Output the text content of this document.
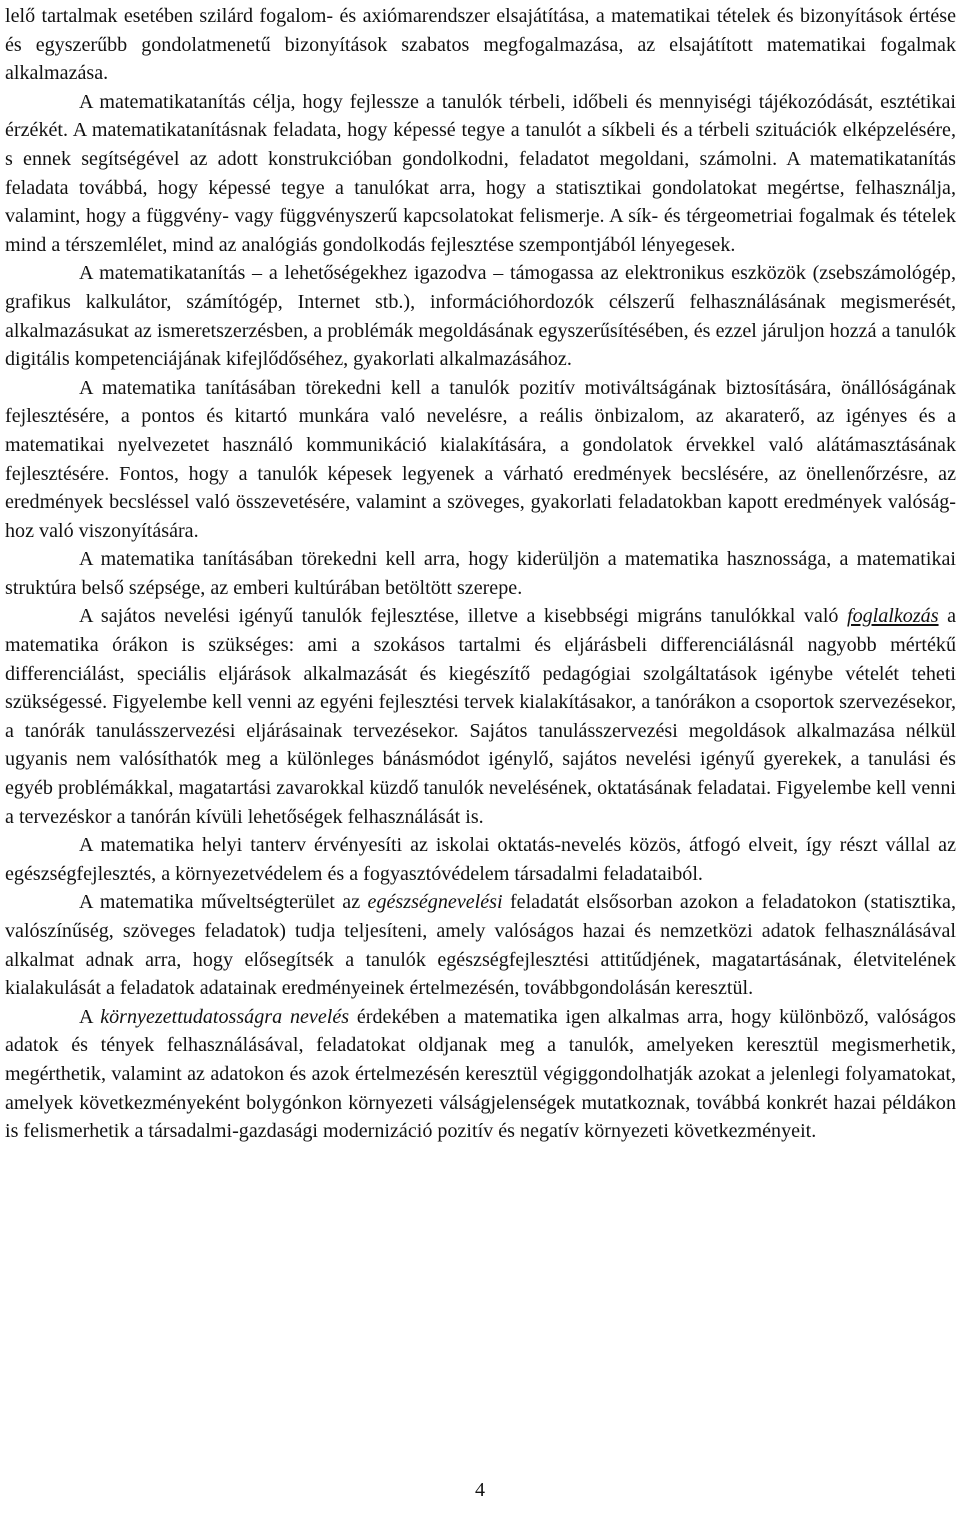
lelő tartalmak esetében szilárd fogalom- és axiómarendszer elsajátítása, a matematikai tételek és bizonyítások értése és egyszerűbb gondolatmenetű bizonyítások szabatos megfogalmazása, az elsajátított matematikai fogalmak alkalmazása.

A matematikatanítás célja, hogy fejlessze a tanulók térbeli, időbeli és mennyiségi tájékozódását, esztétikai érzékét. A matematikatanításnak feladata, hogy képessé tegye a tanulót a síkbeli és a térbeli szituációk elképzelésére, s ennek segítségével az adott konstrukcióban gondolkodni, feladatot megoldani, számolni. A matematikatanítás feladata továbbá, hogy képessé tegye a tanulókat arra, hogy a statisztikai gondolatokat megértse, felhasználja, valamint, hogy a függvény- vagy függvényszerű kapcsolatokat felismerje. A sík- és térgeometriai fogalmak és tételek mind a térszemlélet, mind az analógiás gondolkodás fejlesztése szempontjából lényegesek.

A matematikatanítás – a lehetőségekhez igazodva – támogassa az elektronikus eszközök (zsebszámológép, grafikus kalkulátor, számítógép, Internet stb.), információhordozók célszerű felhasználásának megismerését, alkalmazásukat az ismeretszerzésben, a problémák megoldásának egyszerűsítésében, és ezzel járuljon hozzá a tanulók digitális kompetenciájának kifejlődőséhez, gyakorlati alkalmazásához.

A matematika tanításában törekedni kell a tanulók pozitív motiváltságának biztosítására, önállóságának fejlesztésére, a pontos és kitartó munkára való nevelésre, a reális önbizalom, az akaraterő, az igényes és a matematikai nyelvezetet használó kommunikáció kialakítására, a gondolatok érvekkel való alátámasztásának fejlesztésére. Fontos, hogy a tanulók képesek legyenek a várható eredmények becslésére, az önellenőrzésre, az eredmények becsléssel való összevetésére, valamint a szöveges, gyakorlati feladatokban kapott eredmények valósághoz való viszonyítására.

A matematika tanításában törekedni kell arra, hogy kiderüljön a matematika hasznossága, a matematikai struktúra belső szépsége, az emberi kultúrában betöltött szerepe.

A sajátos nevelési igényű tanulók fejlesztése, illetve a kisebbségi migráns tanulókkal való foglalkozás a matematika órákon is szükséges: ami a szokásos tartalmi és eljárásbeli differenciálásnál nagyobb mértékű differenciálást, speciális eljárások alkalmazását és kiegészítő pedagógiai szolgáltatások igénybe vételét teheti szükségessé. Figyelembe kell venni az egyéni fejlesztési tervek kialakításakor, a tanórákon a csoportok szervezésekor, a tanórák tanulásszervezési eljárásainak tervezésekor. Sajátos tanulásszervezési megoldások alkalmazása nélkül ugyanis nem valósíthatók meg a különleges bánásmódot igénylő, sajátos nevelési igényű gyerekek, a tanulási és egyéb problémákkal, magatartási zavarokkal küzdő tanulók nevelésének, oktatásának feladatai. Figyelembe kell venni a tervezéskor a tanórán kívüli lehetőségek felhasználását is.

A matematika helyi tanterv érvényesíti az iskolai oktatás-nevelés közös, átfogó elveit, így részt vállal az egészségfejlesztés, a környezetvédelem és a fogyasztóvédelem társadalmi feladataiból.

A matematika műveltségterület az egészségnevelési feladatát elsősorban azokon a feladatokon (statisztika, valószínűség, szöveges feladatok) tudja teljesíteni, amely valóságos hazai és nemzetközi adatok felhasználásával alkalmat adnak arra, hogy elősegítsék a tanulók egészségfejlesztési attitűdjének, magatartásának, életvitelének kialakulását a feladatok adatainak eredményeinek értelmezésén, továbbgondolásán keresztül.

A környezettudatosságra nevelés érdekében a matematika igen alkalmas arra, hogy különböző, valóságos adatok és tények felhasználásával, feladatokat oldjanak meg a tanulók, amelyeken keresztül megismerhetik, megérthetik, valamint az adatokon és azok értelmezésén keresztül végiggondolhatják azokat a jelenlegi folyamatokat, amelyek következményeként bolygónkon környezeti válságjelenségek mutatkoznak, továbbá konkrét hazai példákon is felismerhetik a társadalmi-gazdasági modernizáció pozitív és negatív környezeti következményeit.

4
